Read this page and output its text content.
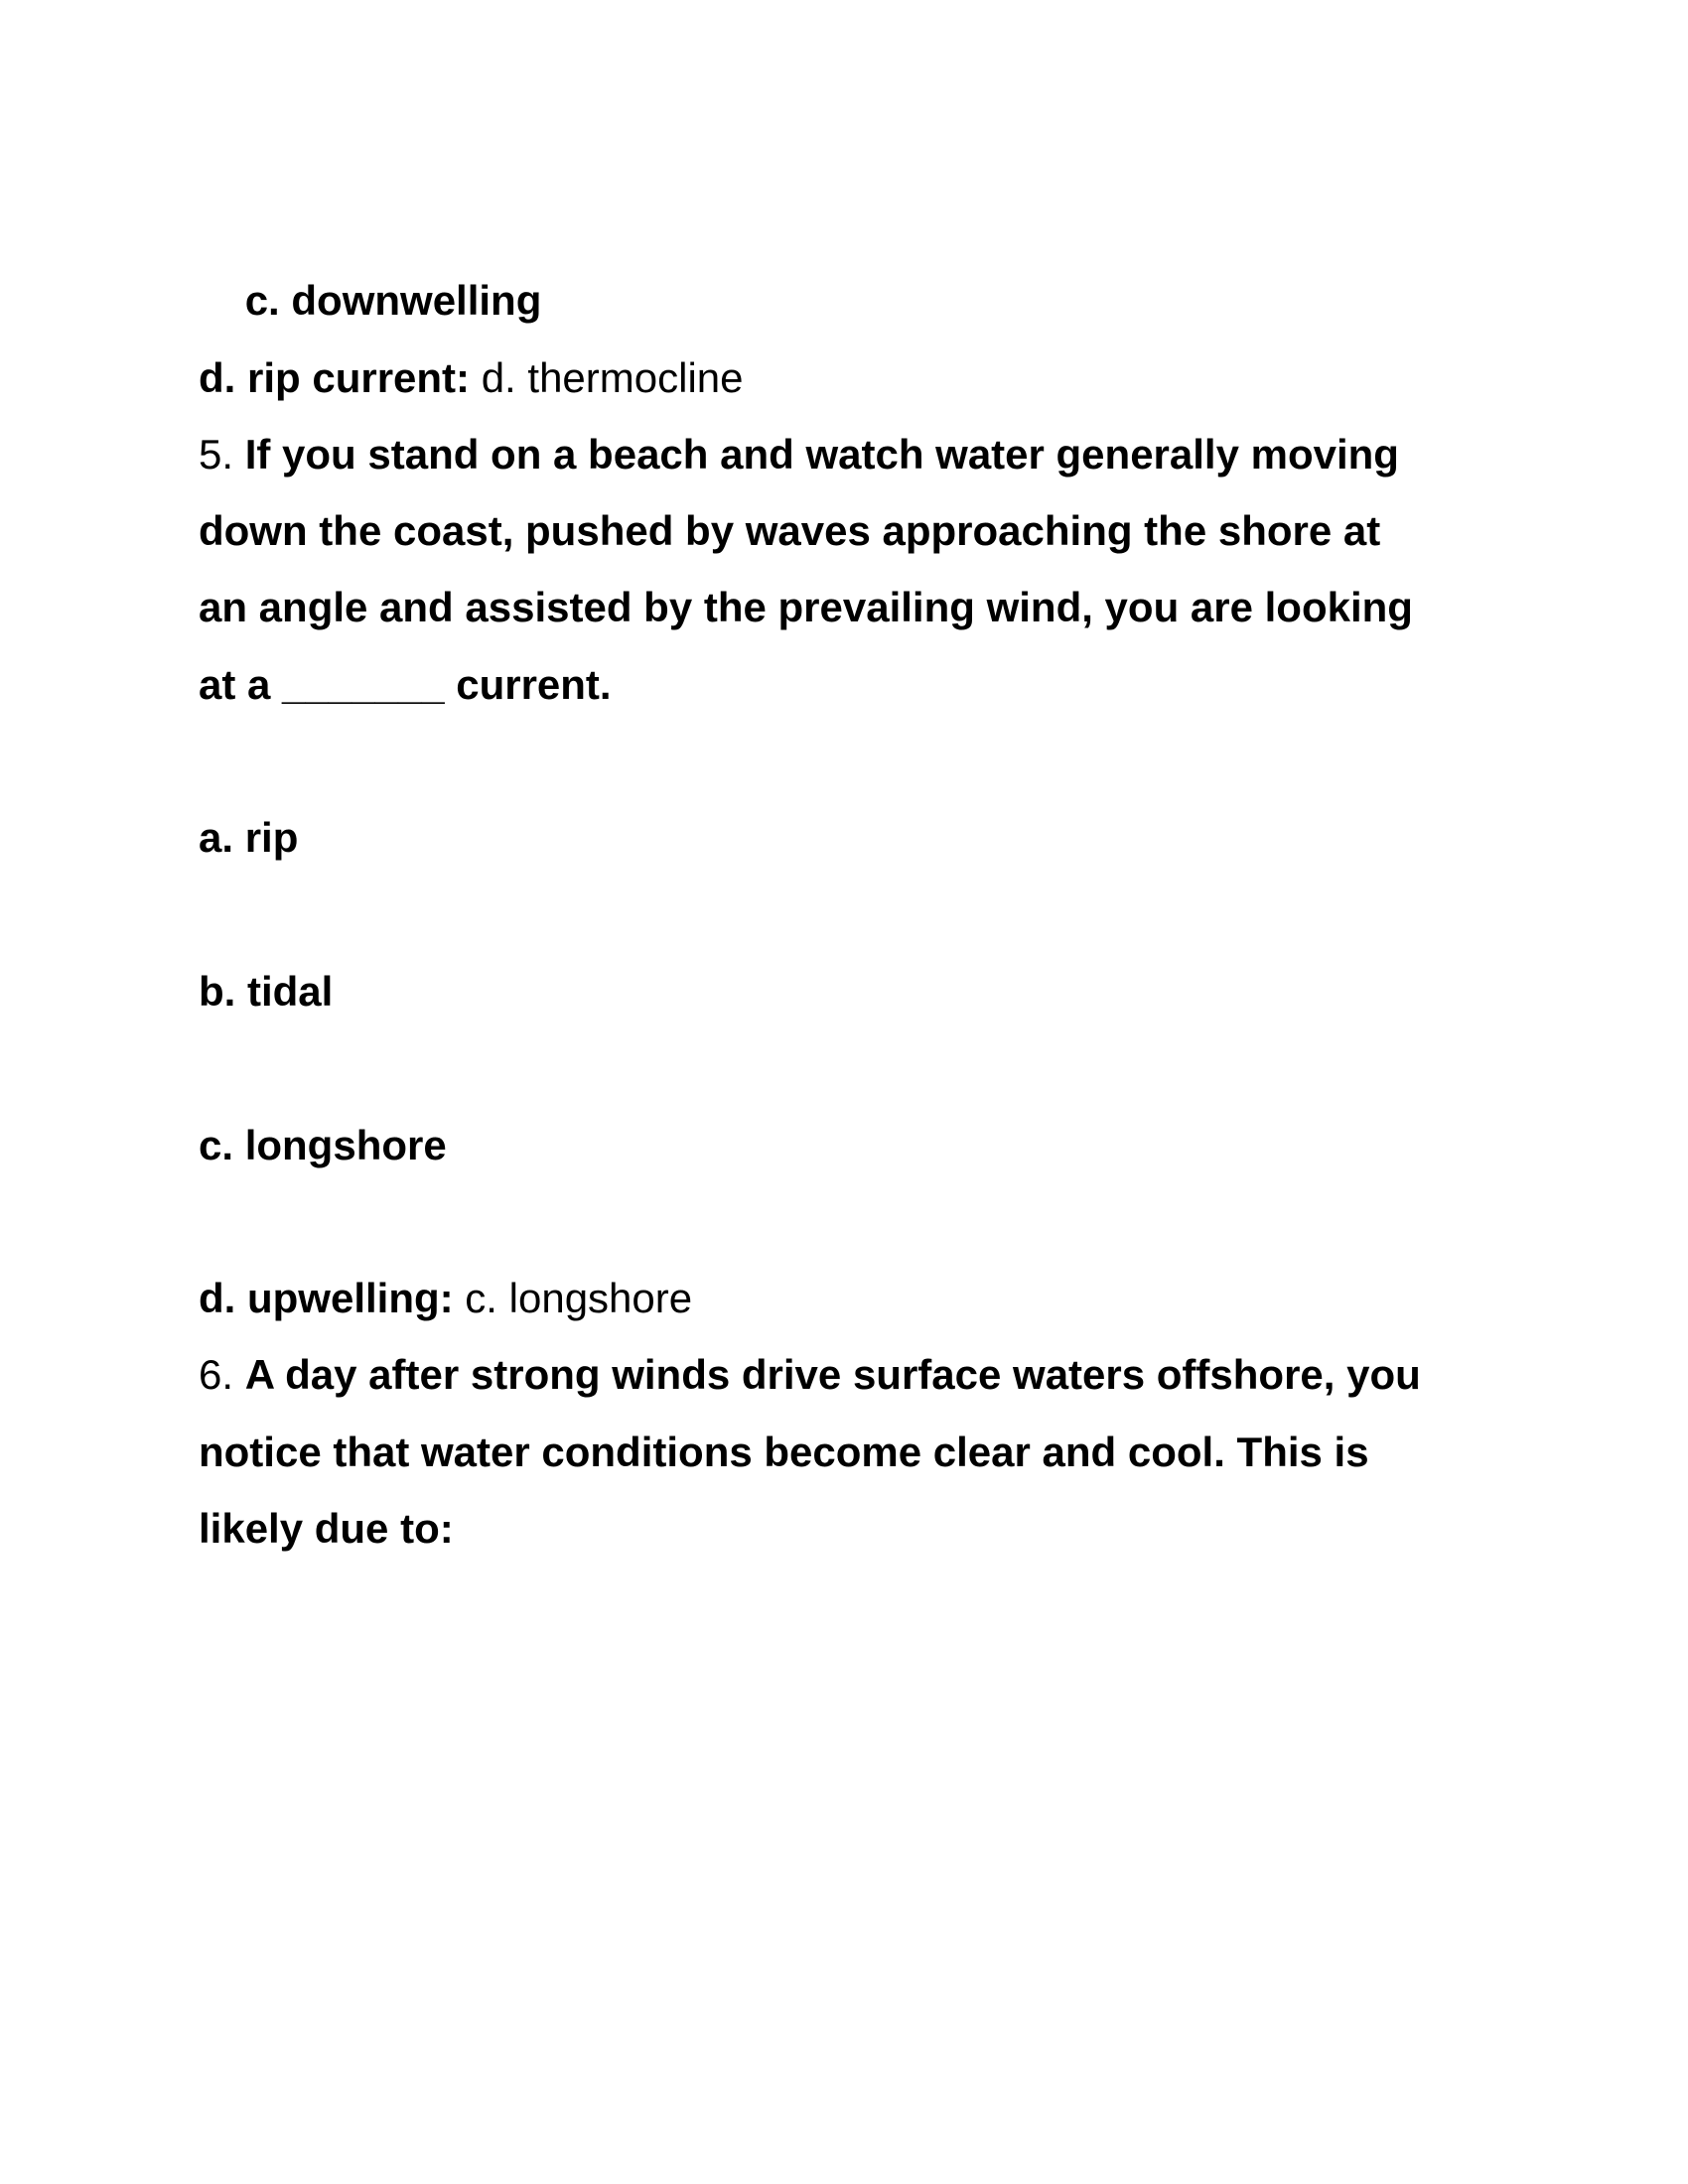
c. downwelling

d. rip current: d. thermocline
5. If you stand on a beach and watch water generally moving
down the coast, pushed by waves approaching the shore at
an angle and assisted by the prevailing wind, you are looking
at a _______ current.
a. rip
b. tidal
c. longshore
d. upwelling: c. longshore
6. A day after strong winds drive surface waters offshore, you
notice that water conditions become clear and cool. This is
likely due to:
